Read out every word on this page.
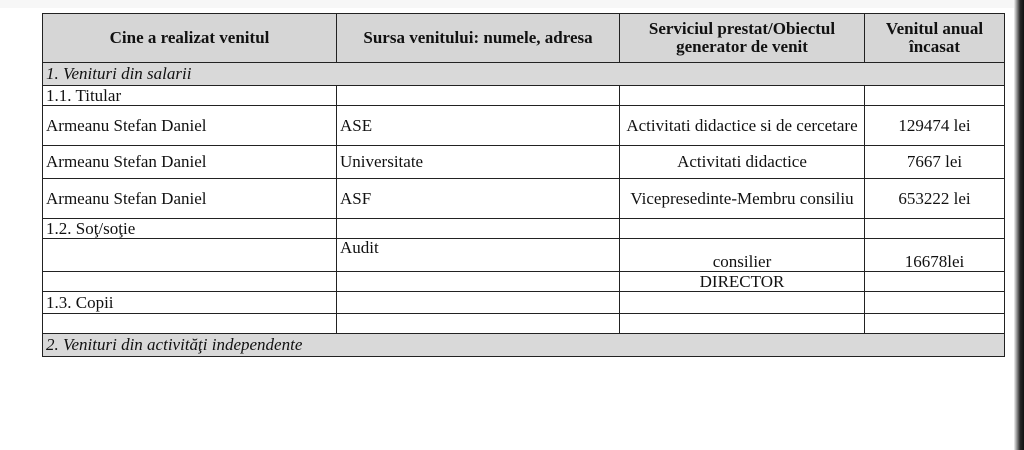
Cine a realizat venitul	Sursa venitului: numele, adresa	Serviciul prestat/Obiectul generator de venit	Venitul anual încasat
1. Venituri din salarii			
1.1. Titular			
Armeanu Stefan Daniel	ASE	Activitati didactice si de cercetare	129474 lei
Armeanu Stefan Daniel	Universitate	Activitati didactice	7667 lei
Armeanu Stefan Daniel	ASF	Vicepresedinte-Membru consiliu	653222 lei
1.2. Soţ/soţie			
	Audit	consilier	16678lei
		DIRECTOR	
1.3. Copii			

2. Venituri din activităţi independente			
